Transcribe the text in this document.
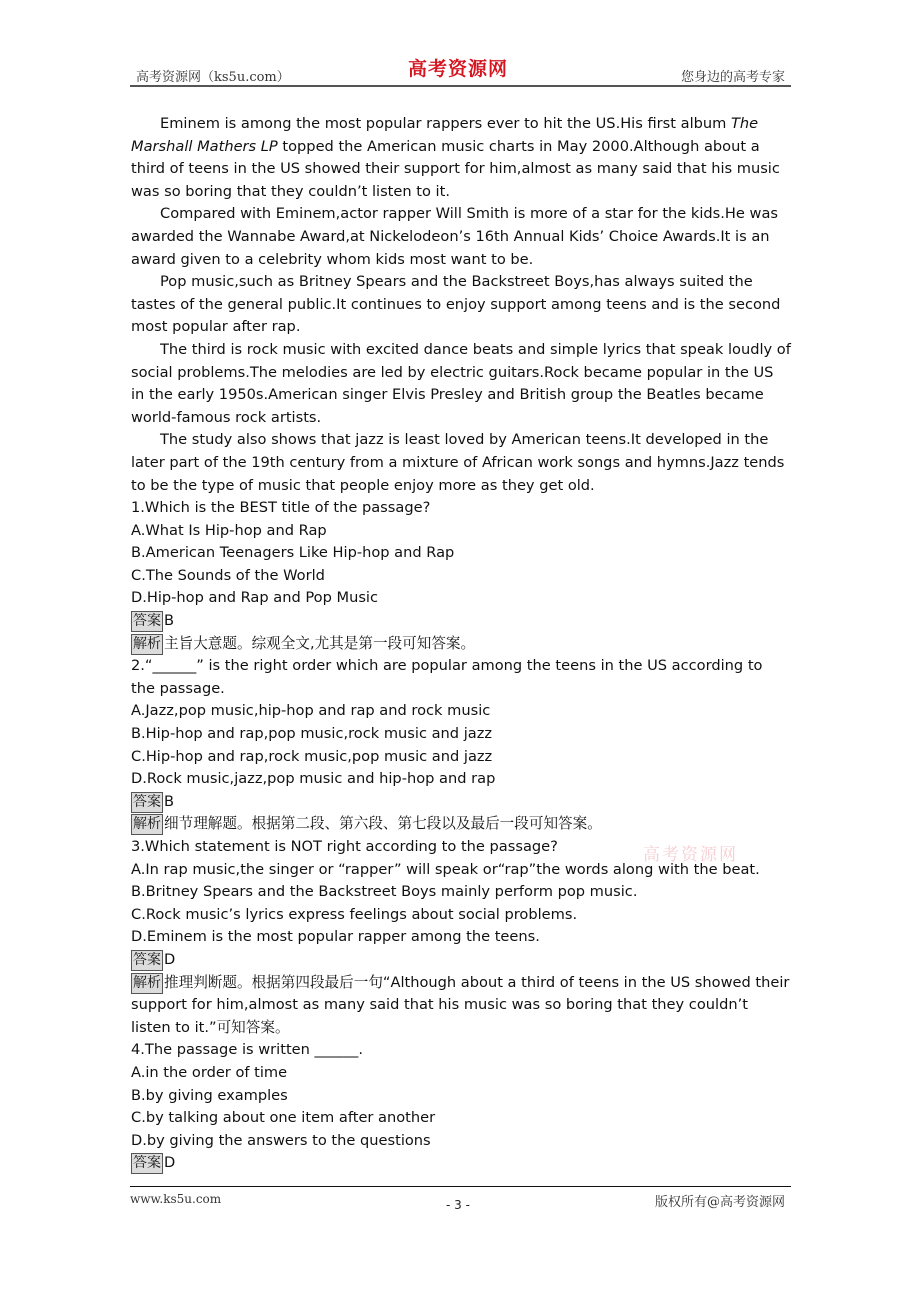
高考资源网（ks5u.com）	高考资源网	您身边的高考专家

Eminem is among the most popular rappers ever to hit the US.His first album The Marshall Mathers LP topped the American music charts in May 2000.Although about a third of teens in the US showed their support for him,almost as many said that his music was so boring that they couldn’t listen to it.

Compared with Eminem,actor rapper Will Smith is more of a star for the kids.He was awarded the Wannabe Award,at Nickelodeon’s 16th Annual Kids’ Choice Awards.It is an award given to a celebrity whom kids most want to be.

Pop music,such as Britney Spears and the Backstreet Boys,has always suited the tastes of the general public.It continues to enjoy support among teens and is the second most popular after rap.

The third is rock music with excited dance beats and simple lyrics that speak loudly of social problems.The melodies are led by electric guitars.Rock became popular in the US in the early 1950s.American singer Elvis Presley and British group the Beatles became world-famous rock artists.

The study also shows that jazz is least loved by American teens.It developed in the later part of the 19th century from a mixture of African work songs and hymns.Jazz tends to be the type of music that people enjoy more as they get old.

1.Which is the BEST title of the passage?

A.What Is Hip-hop and Rap

B.American Teenagers Like Hip-hop and Rap

C.The Sounds of the World

D.Hip-hop and Rap and Pop Music

答案 B

解析 主旨大意题。综观全文,尤其是第一段可知答案。

2.“______” is the right order which are popular among the teens in the US according to the passage.

A.Jazz,pop music,hip-hop and rap and rock music

B.Hip-hop and rap,pop music,rock music and jazz

C.Hip-hop and rap,rock music,pop music and jazz

D.Rock music,jazz,pop music and hip-hop and rap

答案 B

解析 细节理解题。根据第二段、第六段、第七段以及最后一段可知答案。

3.Which statement is NOT right according to the passage?

A.In rap music,the singer or “rapper” will speak or“rap”the words along with the beat.

B.Britney Spears and the Backstreet Boys mainly perform pop music.

C.Rock music’s lyrics express feelings about social problems.

D.Eminem is the most popular rapper among the teens.

答案 D

解析 推理判断题。根据第四段最后一句“Although about a third of teens in the US showed their support for him,almost as many said that his music was so boring that they couldn’t listen to it.”可知答案。

4.The passage is written ______.

A.in the order of time

B.by giving examples

C.by talking about one item after another

D.by giving the answers to the questions

答案 D

高考资源网
www.ks5u.com	- 3 -	版权所有@高考资源网
